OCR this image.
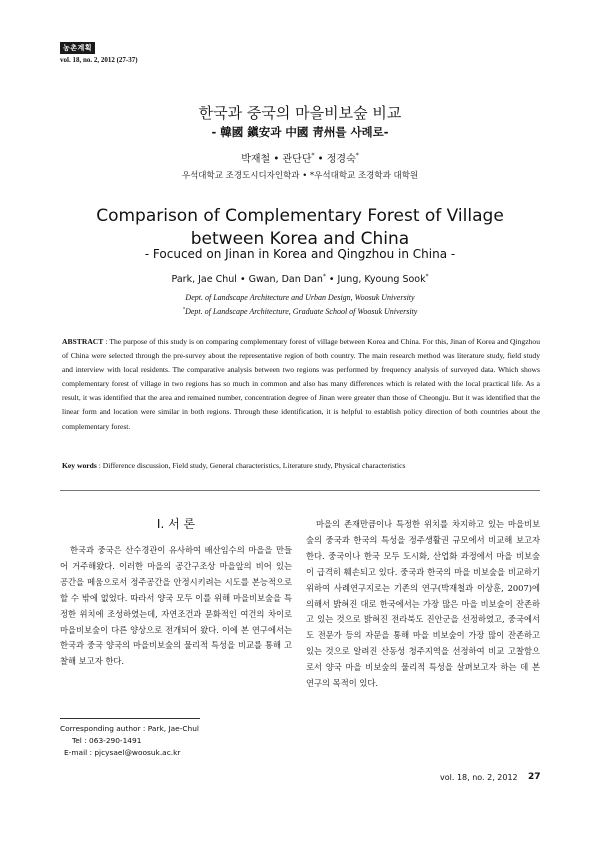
농촌계획
vol. 18, no. 2, 2012 (27-37)
한국과 중국의 마을비보숲 비교
- 韓國 鎭安과 中國 靑州를 사례로-
박재철 • 관단단* • 정경숙*
우석대학교 조경도시디자인학과 • *우석대학교 조경학과 대학원
Comparison of Complementary Forest of Village
between Korea and China
- Focuced on Jinan in Korea and Qingzhou in China -
Park, Jae Chul • Gwan, Dan Dan* • Jung, Kyoung Sook*
Dept. of Landscape Architecture and Urban Design, Woosuk University
*Dept. of Landscape Architecture, Graduate School of Woosuk University
ABSTRACT : The purpose of this study is on comparing complementary forest of village between Korea and China. For this, Jinan of Korea and Qingzhou of China were selected through the pre-survey about the representative region of both country. The main research method was literature study, field study and interview with local residents. The comparative analysis between two regions was performed by frequency analysis of surveyed data. Which shows complementary forest of village in two regions has so much in common and also has many differences which is related with the local practical life. As a result, it was identified that the area and remained number, concentration degree of Jinan were greater than those of Cheongju. But it was identified that the linear form and location were similar in both regions. Through these identification, it is helpful to establish policy direction of both countries about the complementary forest.
Key words : Difference discussion, Field study, General characteristics, Literature study, Physical characteristics
I. 서 론
한국과 중국은 산수경관이 유사하여 배산임수의 마을을 만들어 거주해왔다. 이러한 마을의 공간구조상 마을앞의 비어 있는 공간을 메움으로서 정주공간을 안정시키려는 시도를 본능적으로 할 수 밖에 없었다. 따라서 양국 모두 이를 위해 마을비보숲을 특정한 위치에 조성하였는데, 자연조건과 문화적인 여건의 차이로 마을비보숲이 다른 양상으로 전개되어 왔다. 이에 본 연구에서는 한국과 중국 양국의 마을비보숲의 물리적 특성을 비교를 통해 고찰해 보고자 한다.
마을의 존재만큼이나 특정한 위치를 차지하고 있는 마을비보숲의 중국과 한국의 특성을 정주생활권 규모에서 비교해 보고자 한다. 중국이나 한국 모두 도시화, 산업화 과정에서 마을 비보숲이 급격히 훼손되고 있다. 중국과 한국의 마을 비보숲을 비교하기 위하여 사례연구지로는 기존의 연구(박재철과 이상훈, 2007)에 의해서 밝혀진 대로 한국에서는 가장 많은 마을 비보숲이 잔존하고 있는 것으로 밝혀진 전라북도 진안군을 선정하였고, 중국에서도 전문가 등의 자문을 통해 마을 비보숲이 가장 많이 잔존하고 있는 것으로 알려진 산동성 청주지역을 선정하여 비교 고찰함으로서 양국 마을 비보숲의 물리적 특성을 살펴보고자 하는 데 본 연구의 목적이 있다.
Corresponding author : Park, Jae-Chul
Tel : 063-290-1491
E-mail : pjcysael@woosuk.ac.kr
vol. 18, no. 2, 2012 27
